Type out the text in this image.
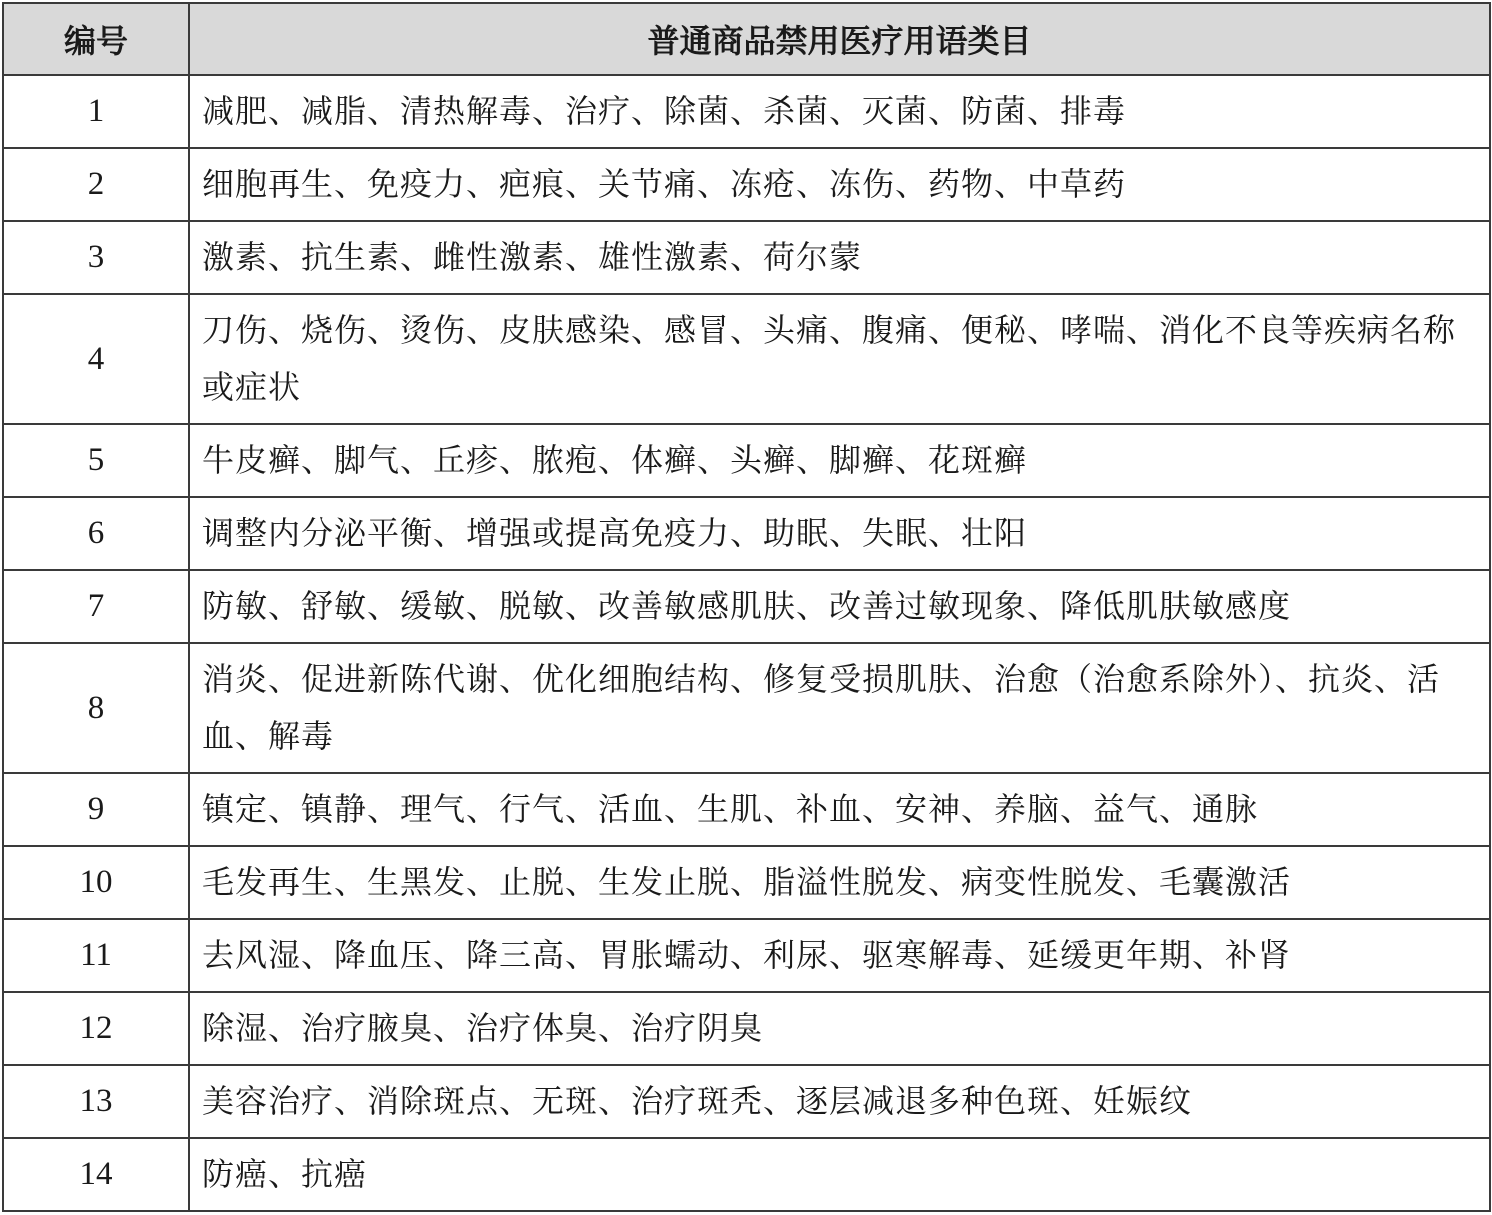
编号	普通商品禁用医疗用语类目
1	减肥、减脂、清热解毒、治疗、除菌、杀菌、灭菌、防菌、排毒
2	细胞再生、免疫力、疤痕、关节痛、冻疮、冻伤、药物、中草药
3	激素、抗生素、雌性激素、雄性激素、荷尔蒙
4	刀伤、烧伤、烫伤、皮肤感染、感冒、头痛、腹痛、便秘、哮喘、消化不良等疾病名称或症状
5	牛皮癣、脚气、丘疹、脓疱、体癣、头癣、脚癣、花斑癣
6	调整内分泌平衡、增强或提高免疫力、助眠、失眠、壮阳
7	防敏、舒敏、缓敏、脱敏、改善敏感肌肤、改善过敏现象、降低肌肤敏感度
8	消炎、促进新陈代谢、优化细胞结构、修复受损肌肤、治愈（治愈系除外）、抗炎、活血、解毒
9	镇定、镇静、理气、行气、活血、生肌、补血、安神、养脑、益气、通脉
10	毛发再生、生黑发、止脱、生发止脱、脂溢性脱发、病变性脱发、毛囊激活
11	去风湿、降血压、降三高、胃胀蠕动、利尿、驱寒解毒、延缓更年期、补肾
12	除湿、治疗腋臭、治疗体臭、治疗阴臭
13	美容治疗、消除斑点、无斑、治疗斑秃、逐层减退多种色斑、妊娠纹
14	防癌、抗癌
